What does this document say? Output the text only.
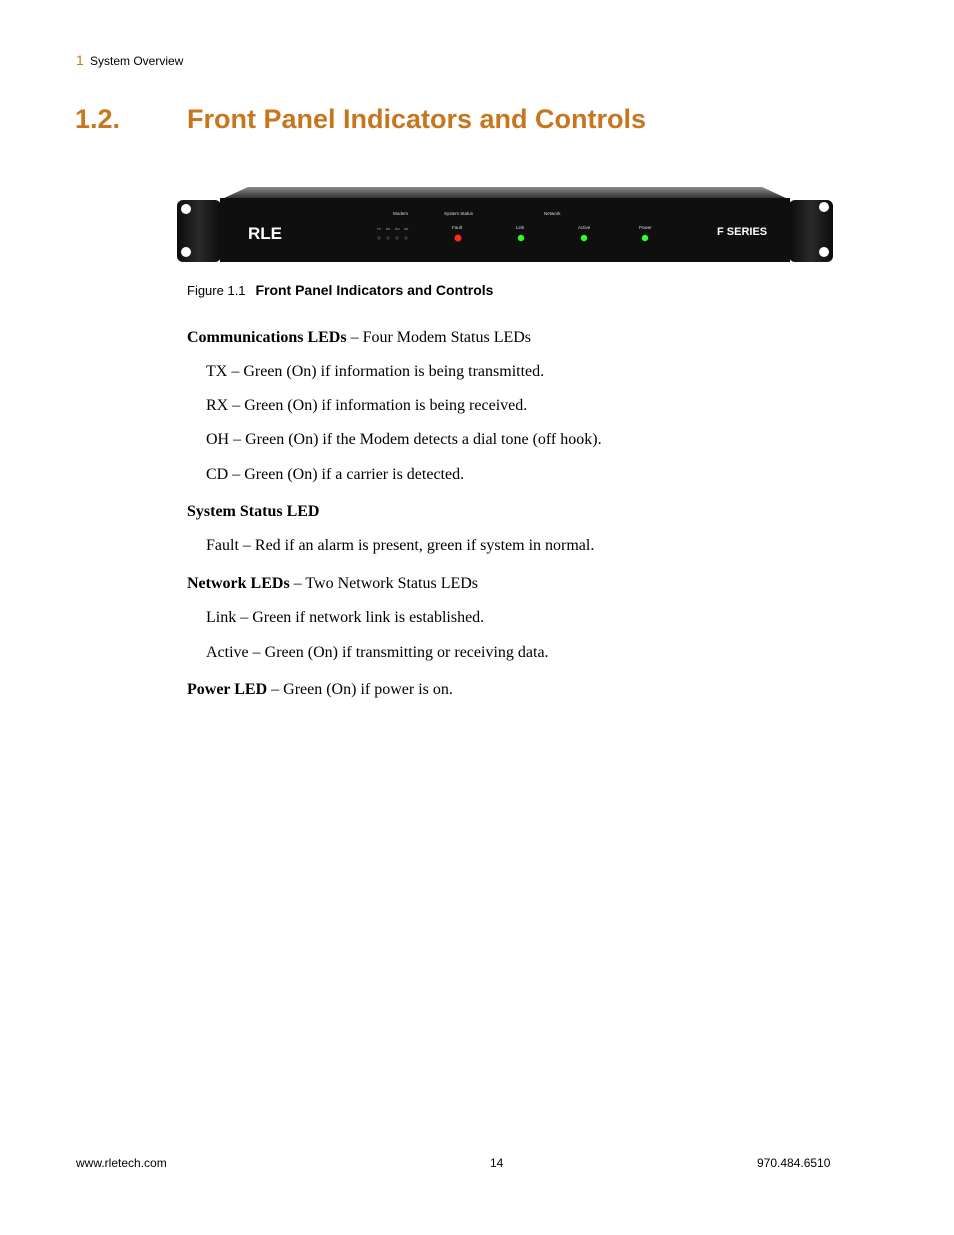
1 System Overview
1.2. Front Panel Indicators and Controls
RLE
Modem
TX RX OH CD
System Status
Fault
Network
Link	Active	Power	F SERIES
Figure 1.1 Front Panel Indicators and Controls
Communications LEDs – Four Modem Status LEDs
TX – Green (On) if information is being transmitted.
RX – Green (On) if information is being received.
OH – Green (On) if the Modem detects a dial tone (off hook).
CD – Green (On) if a carrier is detected.
System Status LED
Fault – Red if an alarm is present, green if system in normal.
Network LEDs – Two Network Status LEDs
Link – Green if network link is established.
Active – Green (On) if transmitting or receiving data.
Power LED – Green (On) if power is on.
www.rletech.com	14	970.484.6510
